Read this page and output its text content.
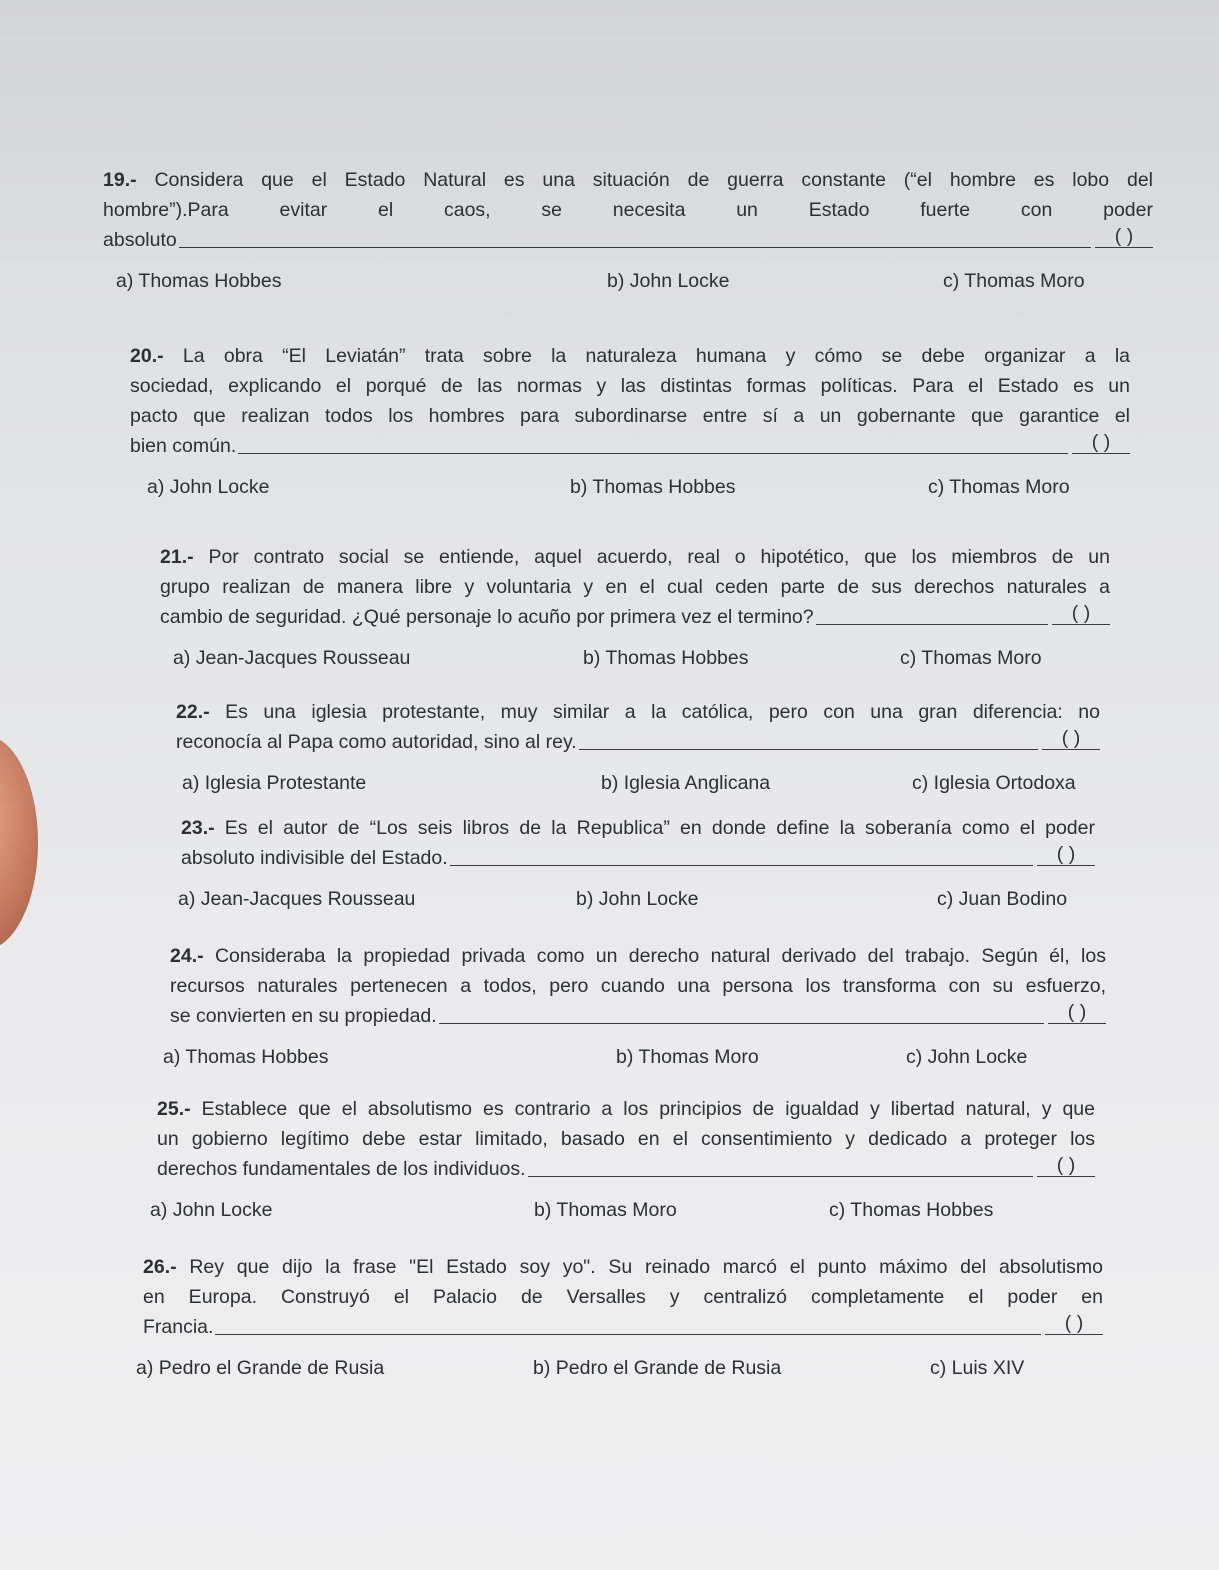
19.- Considera que el Estado Natural es una situación de guerra constante (“el hombre es lobo del
hombre”).Para evitar el caos, se necesita un Estado fuerte con poder
absoluto	( )
a) Thomas Hobbes	b) John Locke	c) Thomas Moro
20.- La obra “El Leviatán” trata sobre la naturaleza humana y cómo se debe organizar a la
sociedad, explicando el porqué de las normas y las distintas formas políticas. Para el Estado es un
pacto que realizan todos los hombres para subordinarse entre sí a un gobernante que garantice el
bien común.	( )
a) John Locke	b) Thomas Hobbes	c) Thomas Moro
21.- Por contrato social se entiende, aquel acuerdo, real o hipotético, que los miembros de un
grupo realizan de manera libre y voluntaria y en el cual ceden parte de sus derechos naturales a
cambio de seguridad. ¿Qué personaje lo acuño por primera vez el termino?	( )
a) Jean-Jacques Rousseau	b) Thomas Hobbes	c) Thomas Moro
22.- Es una iglesia protestante, muy similar a la católica, pero con una gran diferencia: no
reconocía al Papa como autoridad, sino al rey.	( )
a) Iglesia Protestante	b) Iglesia Anglicana	c) Iglesia Ortodoxa
23.- Es el autor de “Los seis libros de la Republica” en donde define la soberanía como el poder
absoluto indivisible del Estado.	( )
a) Jean-Jacques Rousseau	b) John Locke	c) Juan Bodino
24.- Consideraba la propiedad privada como un derecho natural derivado del trabajo. Según él, los
recursos naturales pertenecen a todos, pero cuando una persona los transforma con su esfuerzo,
se convierten en su propiedad.	( )
a) Thomas Hobbes	b) Thomas Moro	c) John Locke
25.- Establece que el absolutismo es contrario a los principios de igualdad y libertad natural, y que
un gobierno legítimo debe estar limitado, basado en el consentimiento y dedicado a proteger los
derechos fundamentales de los individuos.	( )
a) John Locke	b) Thomas Moro	c) Thomas Hobbes
26.- Rey que dijo la frase "El Estado soy yo". Su reinado marcó el punto máximo del absolutismo
en Europa. Construyó el Palacio de Versalles y centralizó completamente el poder en
Francia.	( )
a) Pedro el Grande de Rusia	b) Pedro el Grande de Rusia	c) Luis XIV
